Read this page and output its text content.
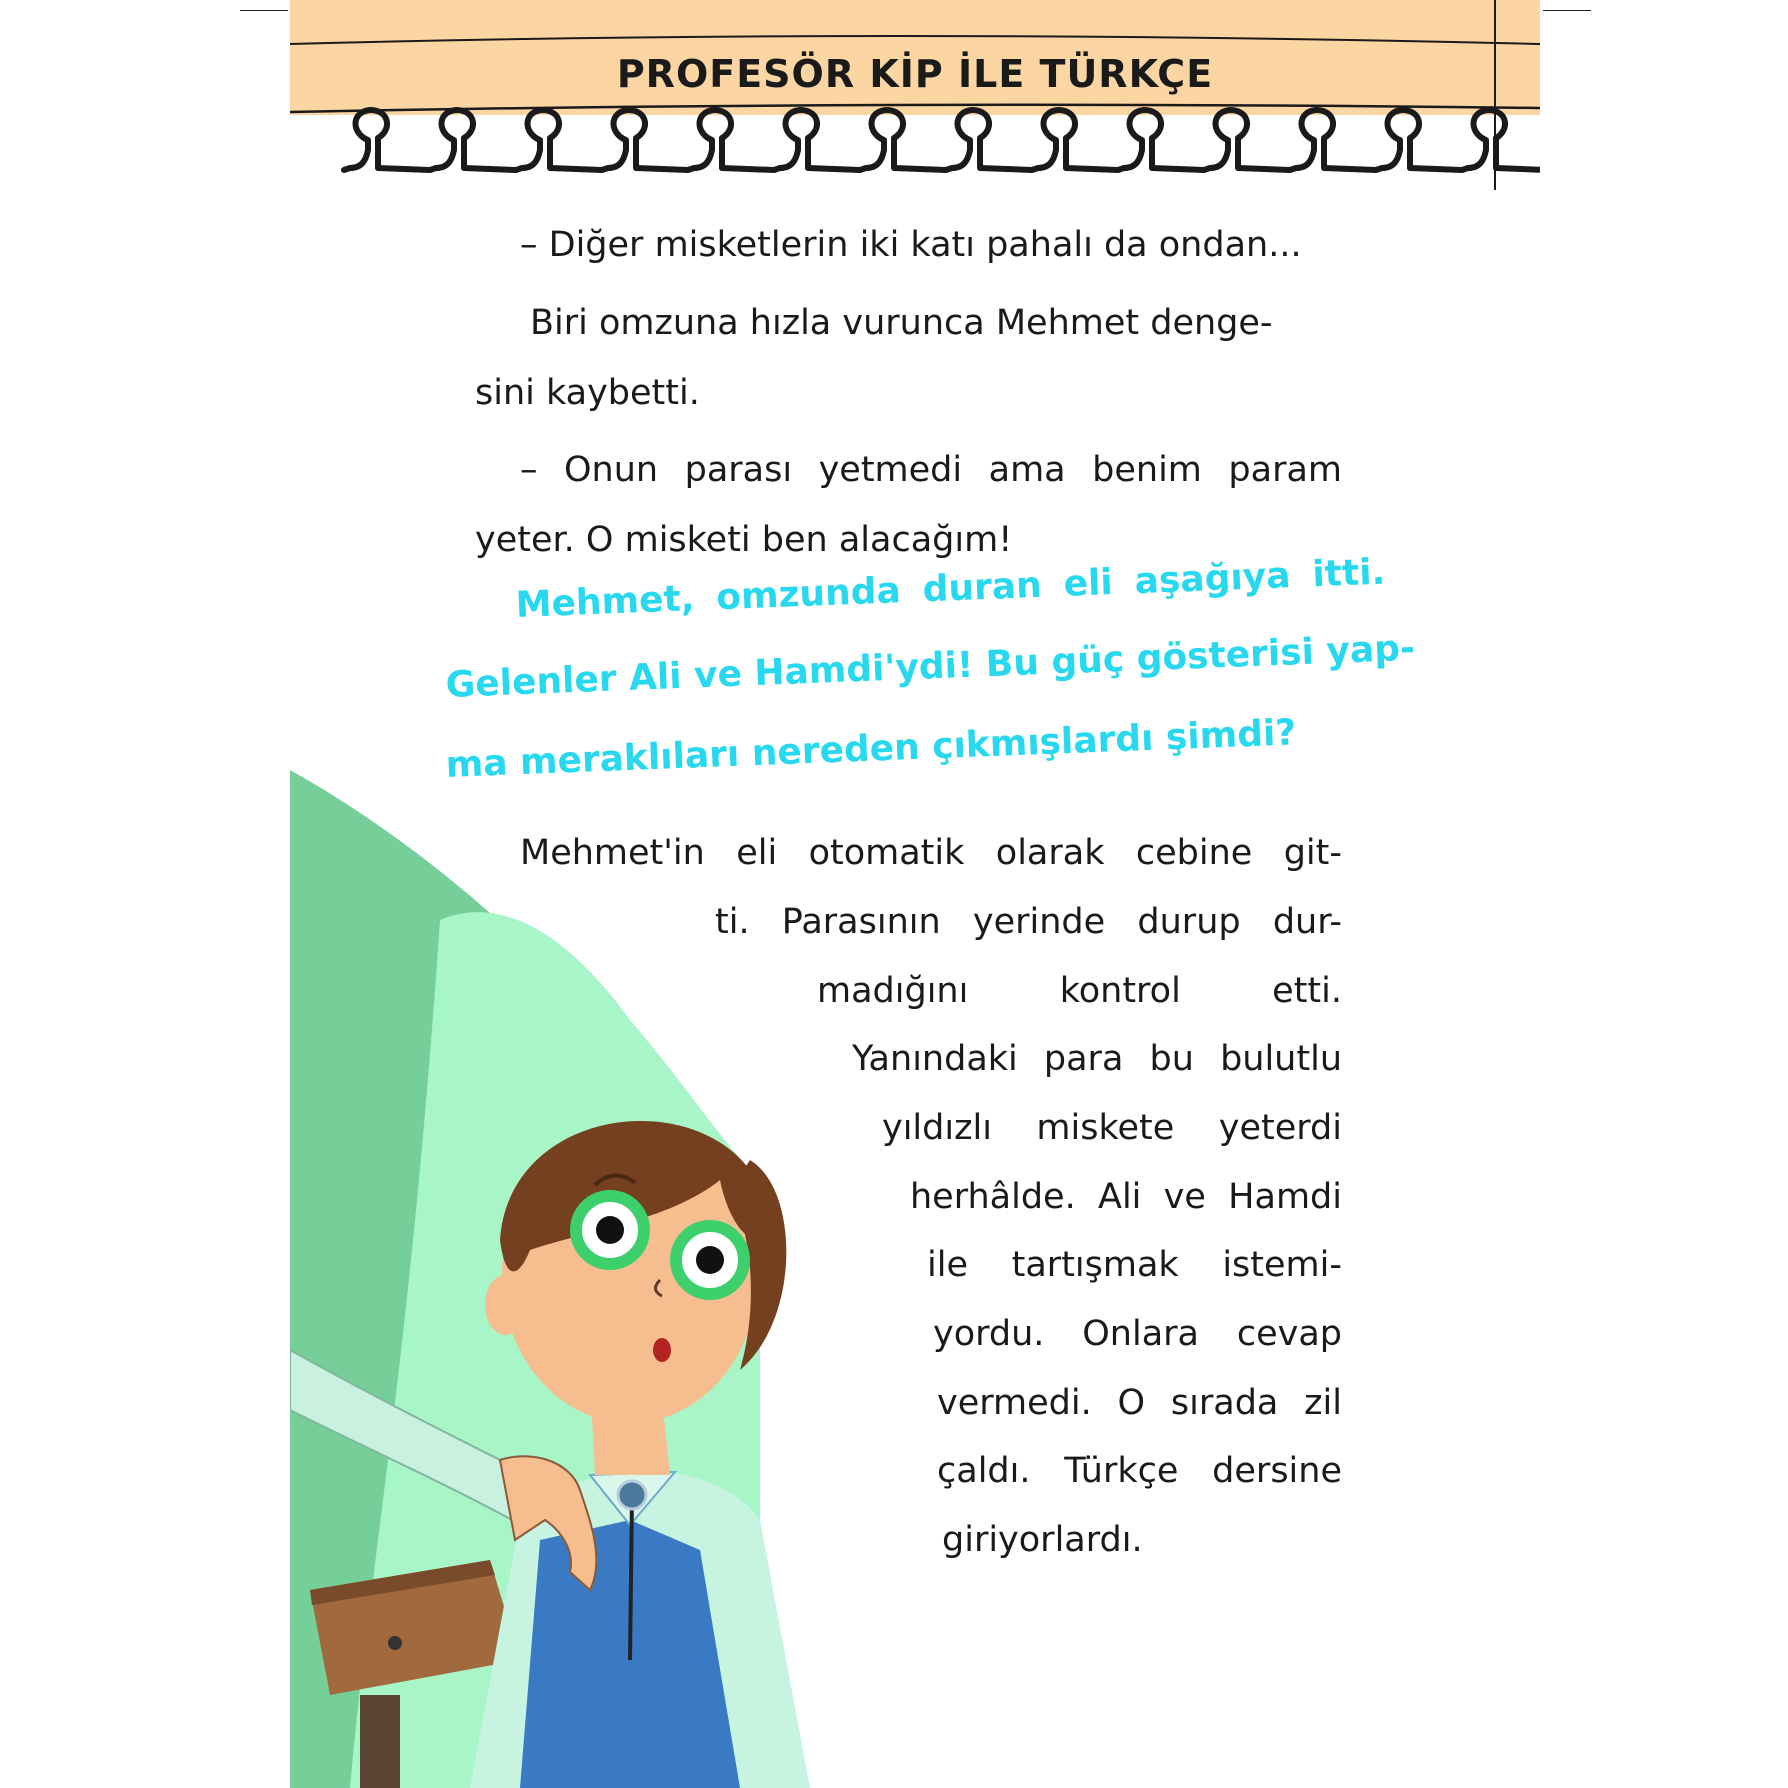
PROFESÖR KİP İLE TÜRKÇE

– Diğer misketlerin iki katı pahalı da ondan...

Biri omzuna hızla vurunca Mehmet denge-

sini kaybetti.

– Onun parası yetmedi ama benim param

yeter. O misketi ben alacağım!

Mehmet, omzunda duran eli aşağıya itti.

Gelenler Ali ve Hamdi'ydi! Bu güç gösterisi yap-

ma meraklıları nereden çıkmışlardı şimdi?

Mehmet'in eli otomatik olarak cebine git-

ti. Parasının yerinde durup dur-

madığını kontrol etti.

Yanındaki para bu bulutlu

yıldızlı miskete yeterdi

herhâlde. Ali ve Hamdi

ile tartışmak istemi-

yordu. Onlara cevap

vermedi. O sırada zil

çaldı. Türkçe dersine

giriyorlardı.
